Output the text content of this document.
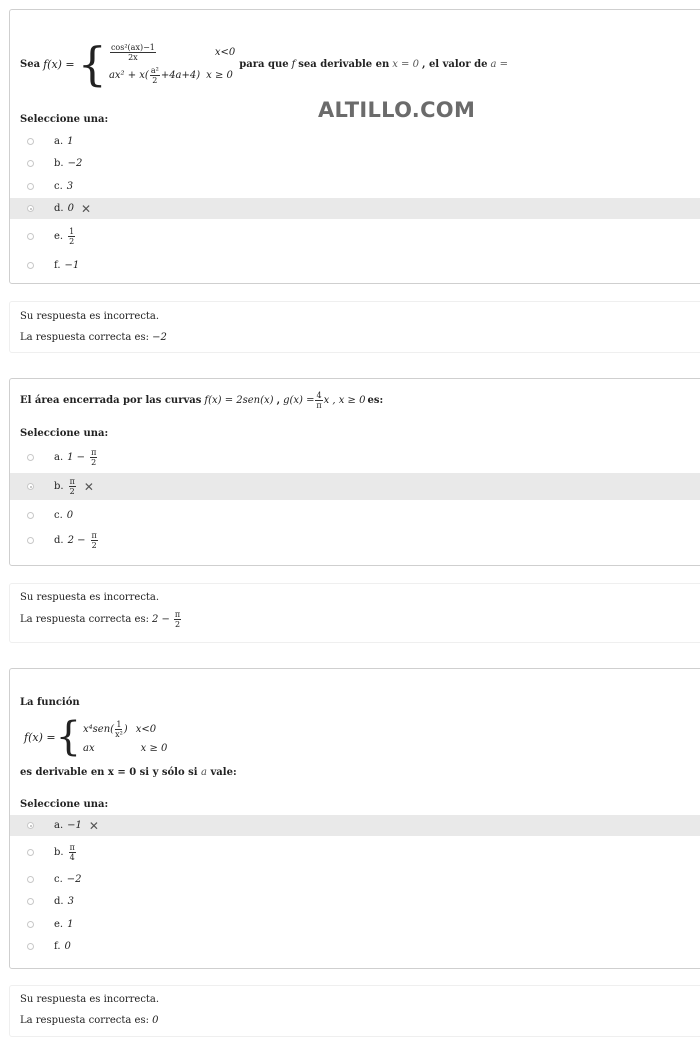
Sea f(x) = { $\frac{\text{cos²(ax)−1}}{2x}$	x<0
$ax^2 + x( \frac{\text{a²}}{2} +4a+4)$ x ≥ 0
para que f sea derivable en x = 0 , el valor de a =
Seleccione una:
a. 1
b. −2
c. 3
d. 0 ✕
e. $\frac{1}{2}$
f. −1
ALTILLO.COM
Su respuesta es incorrecta.
La respuesta correcta es: −2
El área encerrada por las curvas f(x) = 2sen(x) , $g(x) = \frac{4}{\pi}$ x , x ≥ 0 es:
Seleccione una:
a. $1 - \frac{\pi}{2}$
b. $\frac{\pi}{2}$ ✕
c. 0
d. $2 - \frac{\pi}{2}$
Su respuesta es incorrecta.
La respuesta correcta es: $2 - \frac{\pi}{2}$
La función
f(x) = { $x^4sen( \frac{1}{\text{x²}}$ ) x<0
ax	x ≥ 0
es derivable en x = 0 si y sólo si a vale:
Seleccione una:
a. −1 ✕
b. $\frac{\pi}{4}$
c. −2
d. 3
e. 1
f. 0
Su respuesta es incorrecta.
La respuesta correcta es: 0
